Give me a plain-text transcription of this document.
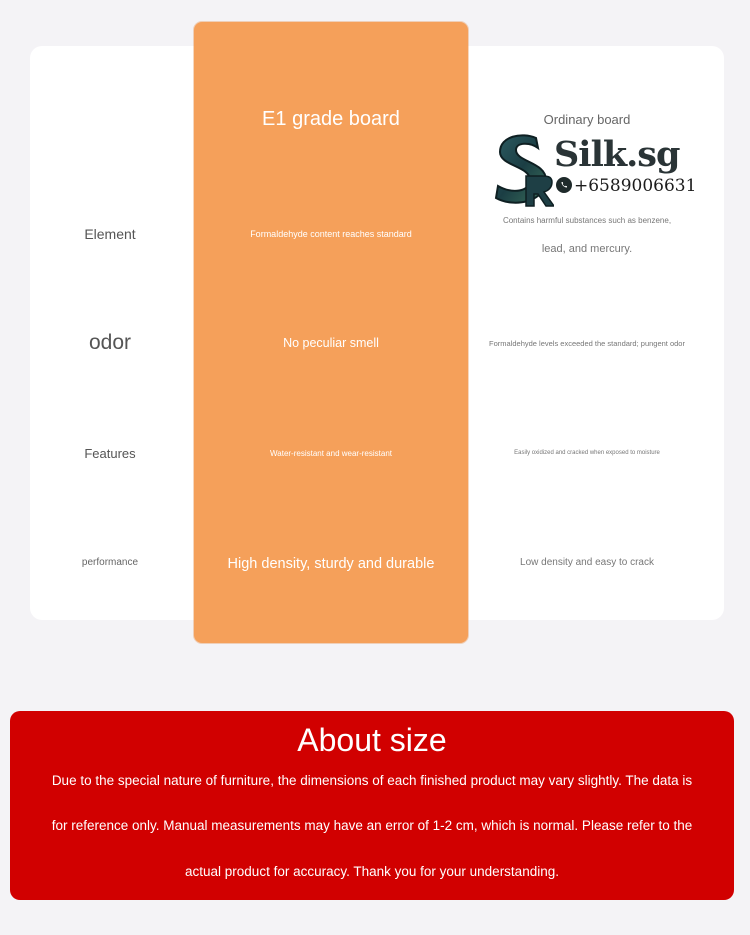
E1 grade board	Ordinary board
Silk.sg
+6589006631
Element
odor
Features
performance
Formaldehyde content reaches standard
No peculiar smell
Water-resistant and wear-resistant
High density, sturdy and durable
Contains harmful substances such as benzene,
lead, and mercury.
Formaldehyde levels exceeded the standard; pungent odor
Easily oxidized and cracked when exposed to moisture
Low density and easy to crack
About size
Due to the special nature of furniture, the dimensions of each finished product may vary slightly. The data is
for reference only. Manual measurements may have an error of 1-2 cm, which is normal. Please refer to the
actual product for accuracy. Thank you for your understanding.
